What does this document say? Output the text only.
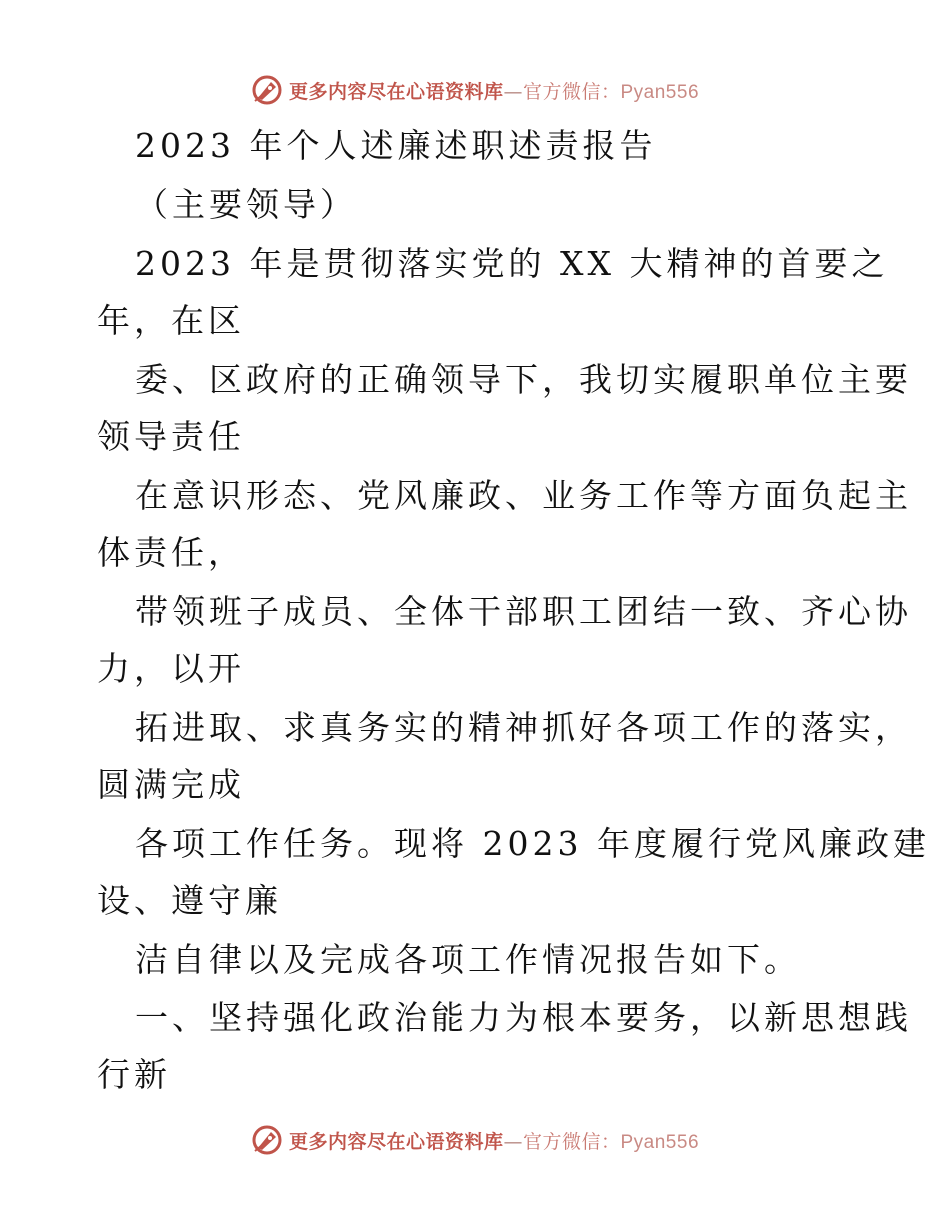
更多内容尽在心语资料库—官方微信：Pyan556
2023 年个人述廉述职述责报告
（主要领导）
2023 年是贯彻落实党的 XX 大精神的首要之
年，在区
委、区政府的正确领导下，我切实履职单位主要
领导责任
在意识形态、党风廉政、业务工作等方面负起主
体责任，
带领班子成员、全体干部职工团结一致、齐心协
力，以开
拓进取、求真务实的精神抓好各项工作的落实，
圆满完成
各项工作任务。现将 2023 年度履行党风廉政建
设、遵守廉
洁自律以及完成各项工作情况报告如下。
一、坚持强化政治能力为根本要务，以新思想践
行新
更多内容尽在心语资料库—官方微信：Pyan556
